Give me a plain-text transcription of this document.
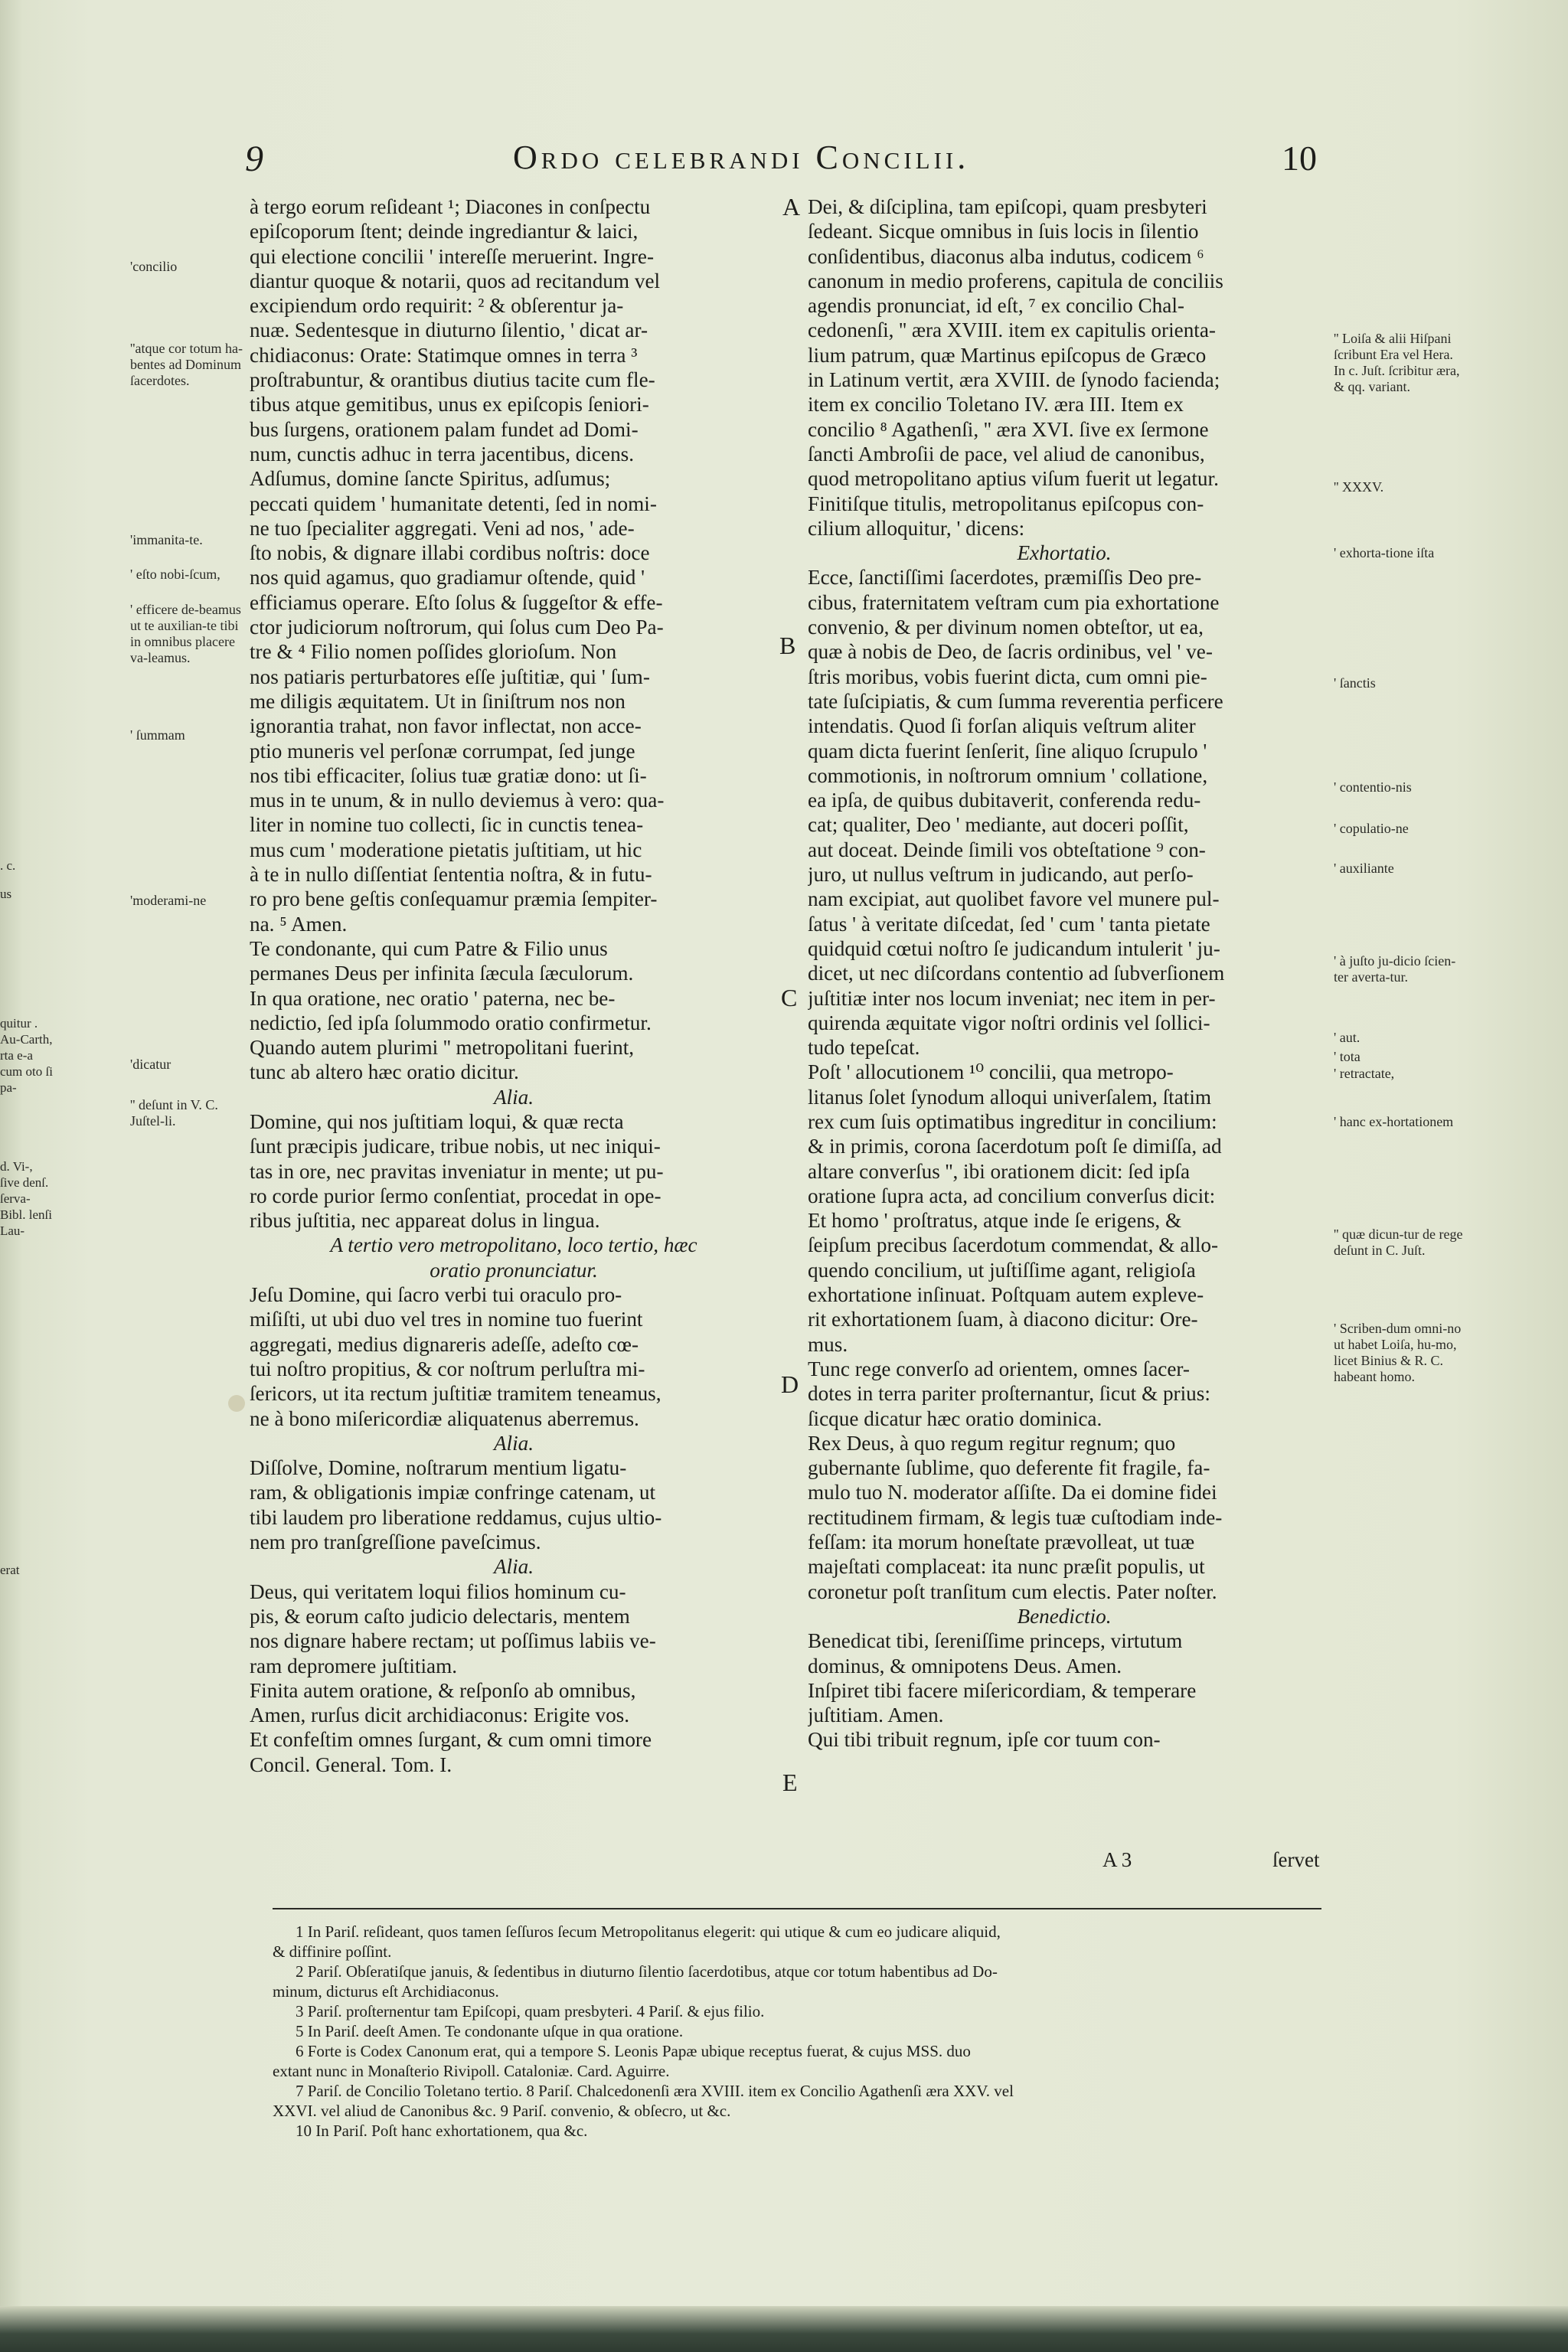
9	Ordo celebrandi Concilii.	10
à tergo eorum reſideant ¹; Diacones in conſpectu
epiſcoporum ſtent; deinde ingrediantur & laici,
qui electione concilii ' intereſſe meruerint. Ingre-
diantur quoque & notarii, quos ad recitandum vel
excipiendum ordo requirit: ² & obſerentur ja-
nuæ. Sedentesque in diuturno ſilentio, ' dicat ar-
chidiaconus: Orate: Statimque omnes in terra ³
proſtrabuntur, & orantibus diutius tacite cum fle-
tibus atque gemitibus, unus ex epiſcopis ſeniori-
bus ſurgens, orationem palam fundet ad Domi-
num, cunctis adhuc in terra jacentibus, dicens.
Adſumus, domine ſancte Spiritus, adſumus;
peccati quidem ' humanitate detenti, ſed in nomi-
ne tuo ſpecialiter aggregati. Veni ad nos, ' ade-
ſto nobis, & dignare illabi cordibus noſtris: doce
nos quid agamus, quo gradiamur oſtende, quid '
efficiamus operare. Eſto ſolus & ſuggeſtor & effe-
ctor judiciorum noſtrorum, qui ſolus cum Deo Pa-
tre & ⁴ Filio nomen poſſides glorioſum. Non
nos patiaris perturbatores eſſe juſtitiæ, qui ' ſum-
me diligis æquitatem. Ut in ſiniſtrum nos non
ignorantia trahat, non favor inflectat, non acce-
ptio muneris vel perſonæ corrumpat, ſed junge
nos tibi efficaciter, ſolius tuæ gratiæ dono: ut ſi-
mus in te unum, & in nullo deviemus à vero: qua-
liter in nomine tuo collecti, ſic in cunctis tenea-
mus cum ' moderatione pietatis juſtitiam, ut hic
à te in nullo diſſentiat ſententia noſtra, & in futu-
ro pro bene geſtis conſequamur præmia ſempiter-
na. ⁵ Amen.
Te condonante, qui cum Patre & Filio unus
permanes Deus per infinita ſæcula ſæculorum.
In qua oratione, nec oratio ' paterna, nec be-
nedictio, ſed ipſa ſolummodo oratio confirmetur.
Quando autem plurimi '' metropolitani fuerint,
tunc ab altero hæc oratio dicitur.
Alia.
Domine, qui nos juſtitiam loqui, & quæ recta
ſunt præcipis judicare, tribue nobis, ut nec iniqui-
tas in ore, nec pravitas inveniatur in mente; ut pu-
ro corde purior ſermo conſentiat, procedat in ope-
ribus juſtitia, nec appareat dolus in lingua.
A tertio vero metropolitano, loco tertio, hæc
oratio pronunciatur.
Jeſu Domine, qui ſacro verbi tui oraculo pro-
miſiſti, ut ubi duo vel tres in nomine tuo fuerint
aggregati, medius dignareris adeſſe, adeſto cœ-
tui noſtro propitius, & cor noſtrum perluſtra mi-
ſericors, ut ita rectum juſtitiæ tramitem teneamus,
ne à bono miſericordiæ aliquatenus aberremus.
Alia.
Diſſolve, Domine, noſtrarum mentium ligatu-
ram, & obligationis impiæ confringe catenam, ut
tibi laudem pro liberatione reddamus, cujus ultio-
nem pro tranſgreſſione paveſcimus.
Alia.
Deus, qui veritatem loqui filios hominum cu-
pis, & eorum caſto judicio delectaris, mentem
nos dignare habere rectam; ut poſſimus labiis ve-
ram depromere juſtitiam.
Finita autem oratione, & reſponſo ab omnibus,
Amen, rurſus dicit archidiaconus: Erigite vos.
Et confeſtim omnes ſurgant, & cum omni timore
Concil. General. Tom. I.
Dei, & diſciplina, tam epiſcopi, quam presbyteri
ſedeant. Sicque omnibus in ſuis locis in ſilentio
conſidentibus, diaconus alba indutus, codicem ⁶
canonum in medio proferens, capitula de conciliis
agendis pronunciat, id eſt, ⁷ ex concilio Chal-
cedonenſi, '' æra XVIII. item ex capitulis orienta-
lium patrum, quæ Martinus epiſcopus de Græco
in Latinum vertit, æra XVIII. de ſynodo facienda;
item ex concilio Toletano IV. æra III. Item ex
concilio ⁸ Agathenſi, '' æra XVI. ſive ex ſermone
ſancti Ambroſii de pace, vel aliud de canonibus,
quod metropolitano aptius viſum fuerit ut legatur.
Finitiſque titulis, metropolitanus epiſcopus con-
cilium alloquitur, ' dicens:
Exhortatio.
Ecce, ſanctiſſimi ſacerdotes, præmiſſis Deo pre-
cibus, fraternitatem veſtram cum pia exhortatione
convenio, & per divinum nomen obteſtor, ut ea,
quæ à nobis de Deo, de ſacris ordinibus, vel ' ve-
ſtris moribus, vobis fuerint dicta, cum omni pie-
tate ſuſcipiatis, & cum ſumma reverentia perficere
intendatis. Quod ſi forſan aliquis veſtrum aliter
quam dicta fuerint ſenſerit, ſine aliquo ſcrupulo '
commotionis, in noſtrorum omnium ' collatione,
ea ipſa, de quibus dubitaverit, conferenda redu-
cat; qualiter, Deo ' mediante, aut doceri poſſit,
aut doceat. Deinde ſimili vos obteſtatione ⁹ con-
juro, ut nullus veſtrum in judicando, aut perſo-
nam excipiat, aut quolibet favore vel munere pul-
ſatus ' à veritate diſcedat, ſed ' cum ' tanta pietate
quidquid cœtui noſtro ſe judicandum intulerit ' ju-
dicet, ut nec diſcordans contentio ad ſubverſionem
juſtitiæ inter nos locum inveniat; nec item in per-
quirenda æquitate vigor noſtri ordinis vel ſollici-
tudo tepeſcat.
Poſt ' allocutionem ¹⁰ concilii, qua metropo-
litanus ſolet ſynodum alloqui univerſalem, ſtatim
rex cum ſuis optimatibus ingreditur in concilium:
& in primis, corona ſacerdotum poſt ſe dimiſſa, ad
altare converſus '', ibi orationem dicit: ſed ipſa
oratione ſupra acta, ad concilium converſus dicit:
Et homo ' proſtratus, atque inde ſe erigens, &
ſeipſum precibus ſacerdotum commendat, & allo-
quendo concilium, ut juſtiſſime agant, religioſa
exhortatione inſinuat. Poſtquam autem expleve-
rit exhortationem ſuam, à diacono dicitur: Ore-
mus.
Tunc rege converſo ad orientem, omnes ſacer-
dotes in terra pariter proſternantur, ſicut & prius:
ſicque dicatur hæc oratio dominica.
Rex Deus, à quo regum regitur regnum; quo
gubernante ſublime, quo deferente fit fragile, fa-
mulo tuo N. moderator aſſiſte. Da ei domine fidei
rectitudinem firmam, & legis tuæ cuſtodiam inde-
feſſam: ita morum honeſtate prævolleat, ut tuæ
majeſtati complaceat: ita nunc præſit populis, ut
coronetur poſt tranſitum cum electis. Pater noſter.
Benedictio.
Benedicat tibi, ſereniſſime princeps, virtutum
dominus, & omnipotens Deus. Amen.
Inſpiret tibi facere miſericordiam, & temperare
juſtitiam. Amen.
Qui tibi tribuit regnum, ipſe cor tuum con-
A
B
C
D
E
'concilio
''atque cor totum ha-bentes ad Dominum ſacerdotes.
'immanita-te.
' eſto nobi-ſcum,
' efficere de-beamus ut te auxilian-te tibi in omnibus placere va-leamus.
' ſummam
'moderami-ne
'dicatur
'' deſunt in V. C. Juſtel-li.
'' Loiſa & alii Hiſpani ſcribunt Era vel Hera. In c. Juſt. ſcribitur æra, & qq. variant.
'' XXXV.
' exhorta-tione iſta
' ſanctis
' contentio-nis
' copulatio-ne
' auxiliante
' à juſto ju-dicio ſcien-ter averta-tur.
' aut.
' tota
' retractate,
' hanc ex-hortationem
'' quæ dicun-tur de rege deſunt in C. Juſt.
' Scriben-dum omni-no ut habet Loiſa, hu-mo, licet Binius & R. C. habeant homo.
. c.
us
quitur . Au-Carth, rta e-a cum oto ſi pa-
d. Vi-, ſive denſ. ſerva-Bibl. lenſi Lau-
erat
A 3	ſervet

1 In Pariſ. reſideant, quos tamen ſeſſuros ſecum Metropolitanus elegerit: qui utique & cum eo judicare aliquid,

& diffinire poſſint.

2 Pariſ. Obſeratiſque januis, & ſedentibus in diuturno ſilentio ſacerdotibus, atque cor totum habentibus ad Do-

minum, dicturus eſt Archidiaconus.

3 Pariſ. proſternentur tam Epiſcopi, quam presbyteri. 4 Pariſ. & ejus filio.

5 In Pariſ. deeſt Amen. Te condonante uſque in qua oratione.

6 Forte is Codex Canonum erat, qui a tempore S. Leonis Papæ ubique receptus fuerat, & cujus MSS. duo

extant nunc in Monaſterio Rivipoll. Cataloniæ. Card. Aguirre.

7 Pariſ. de Concilio Toletano tertio. 8 Pariſ. Chalcedonenſi æra XVIII. item ex Concilio Agathenſi æra XXV. vel

XXVI. vel aliud de Canonibus &c. 9 Pariſ. convenio, & obſecro, ut &c.

10 In Pariſ. Poſt hanc exhortationem, qua &c.
